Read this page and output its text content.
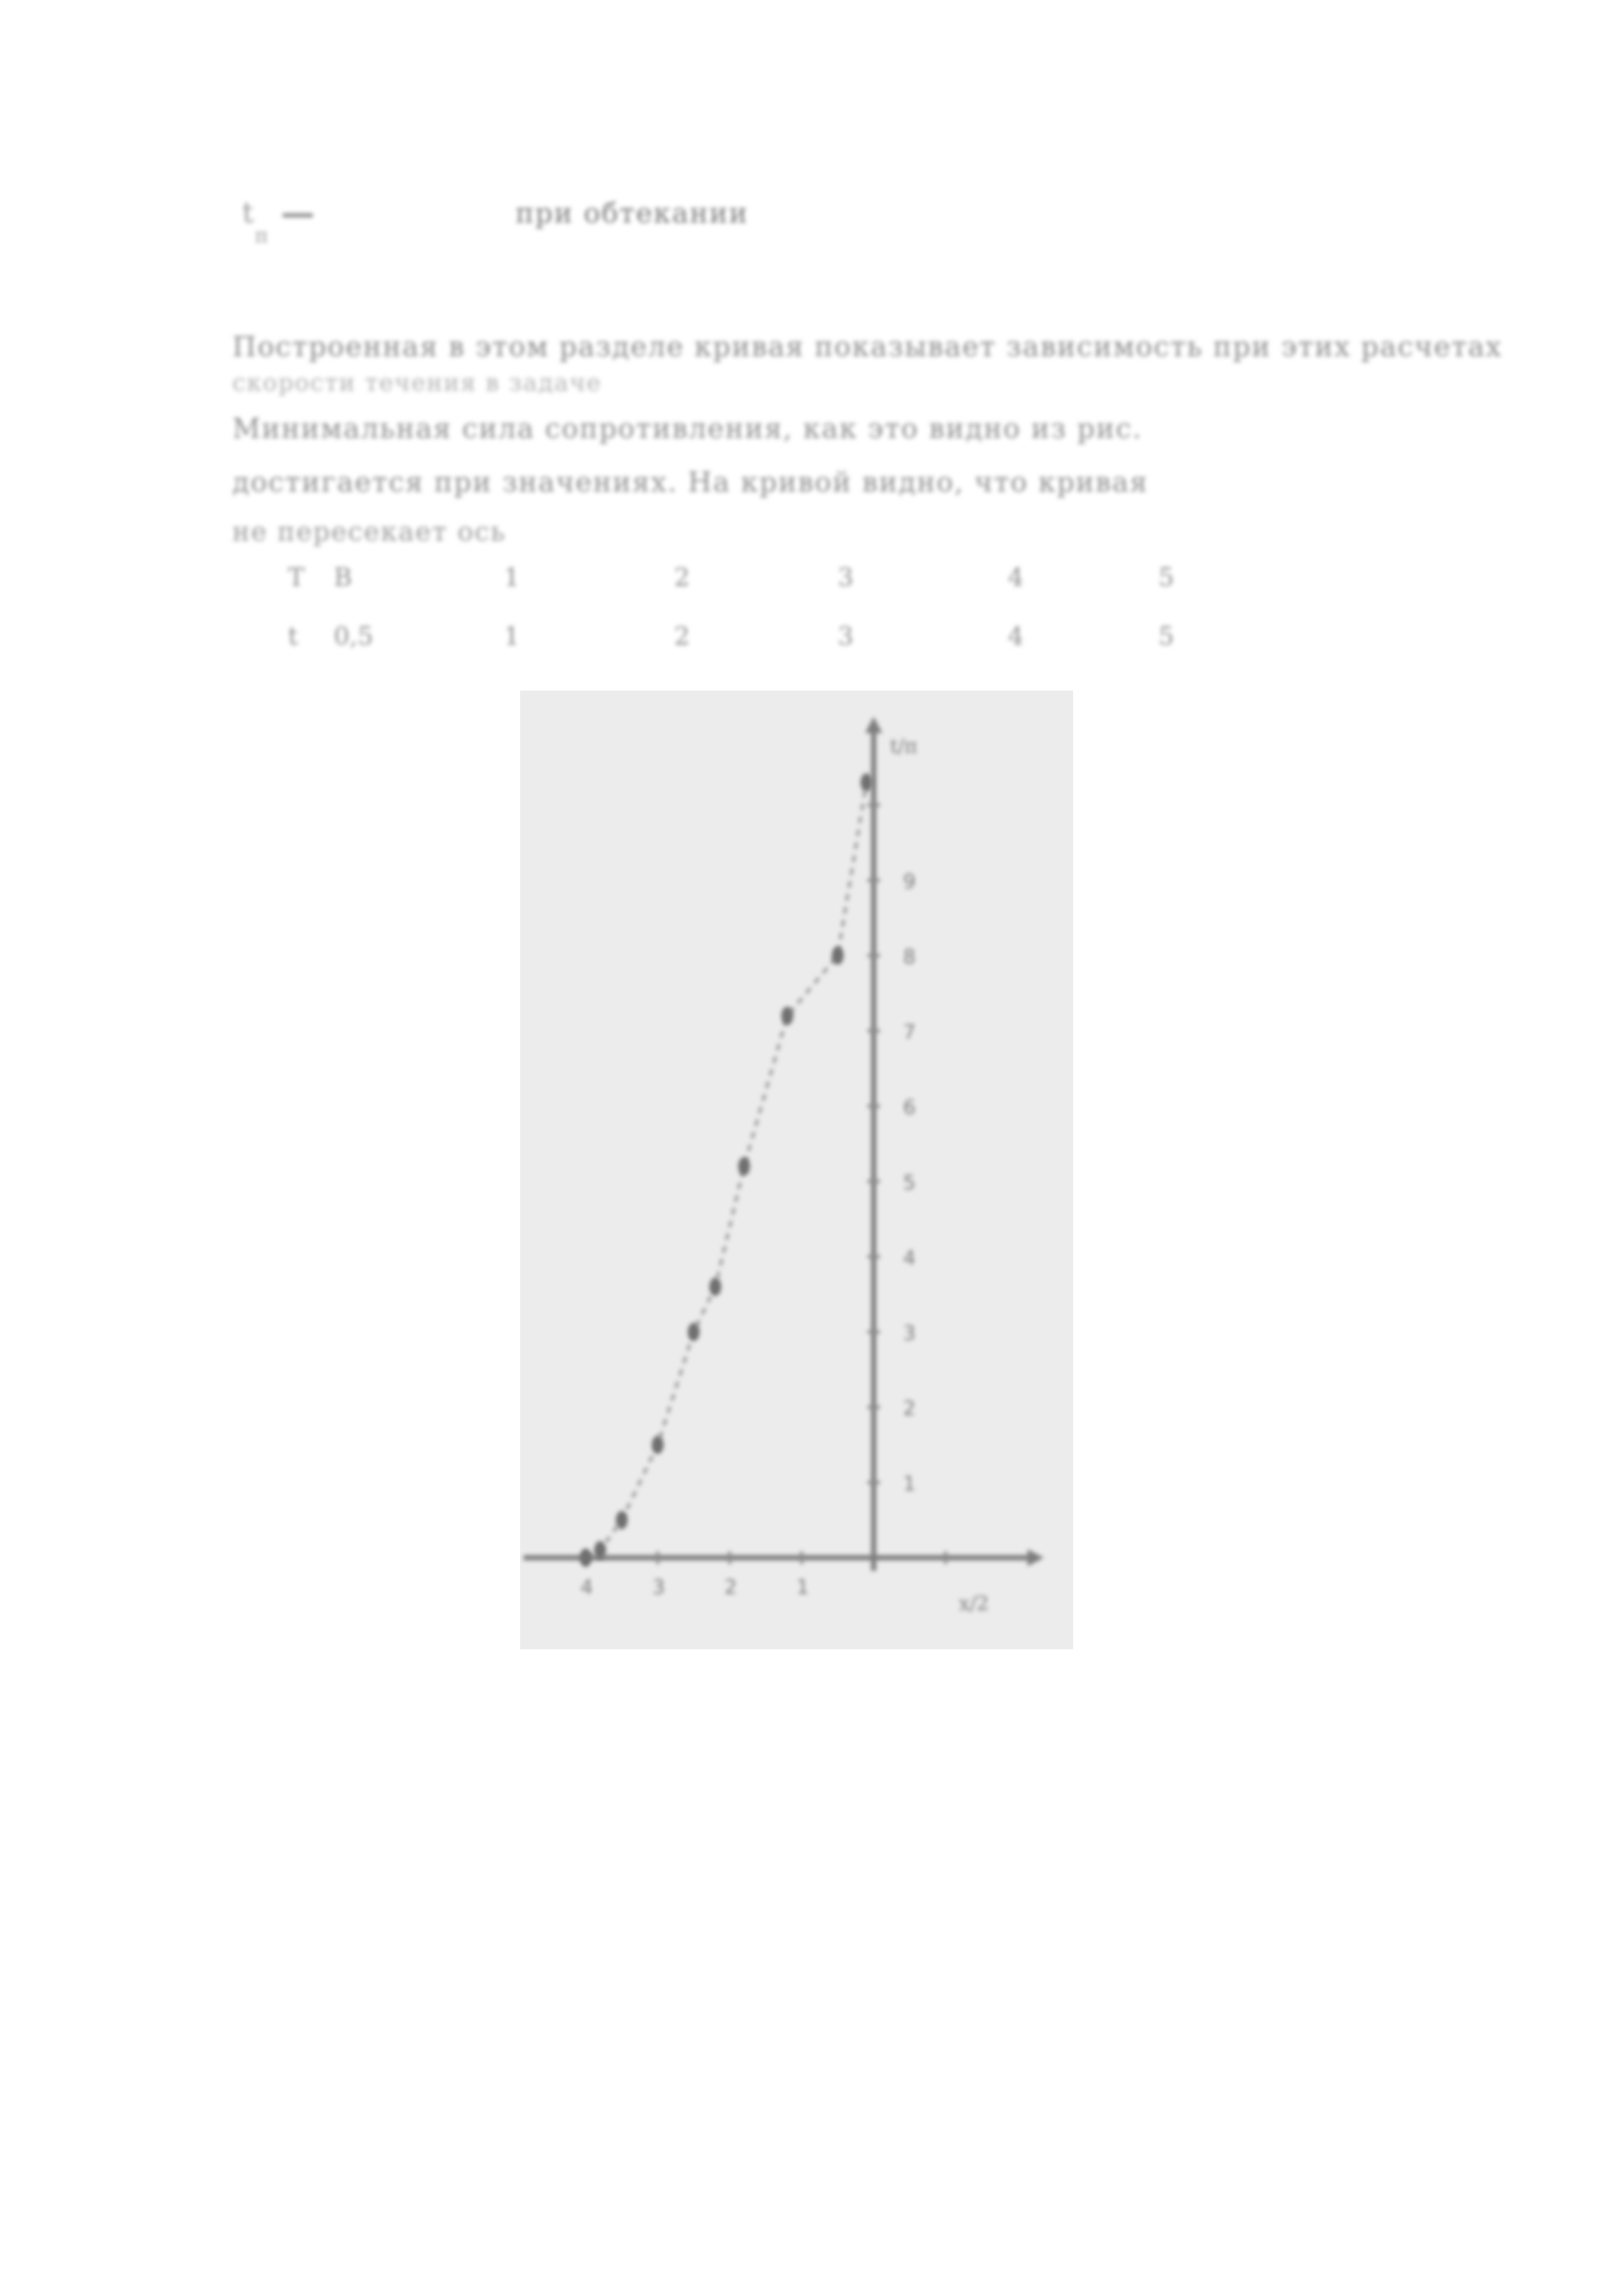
$t_ппри$ обтекании
Построенная в этом разделе кривая показывает зависимость при этих расчетах
скорости течения в задаче
Минимальная сила сопротивления, как это видно из рис.
достигается при значениях. На кривой видно, что кривая
не пересекает ось
Т В	1	2	3	4	5
t 0,5	1	2	3	4	5
9
8
7
6
5
4
3
2
1
4	3	2	1
t/п
x/2
